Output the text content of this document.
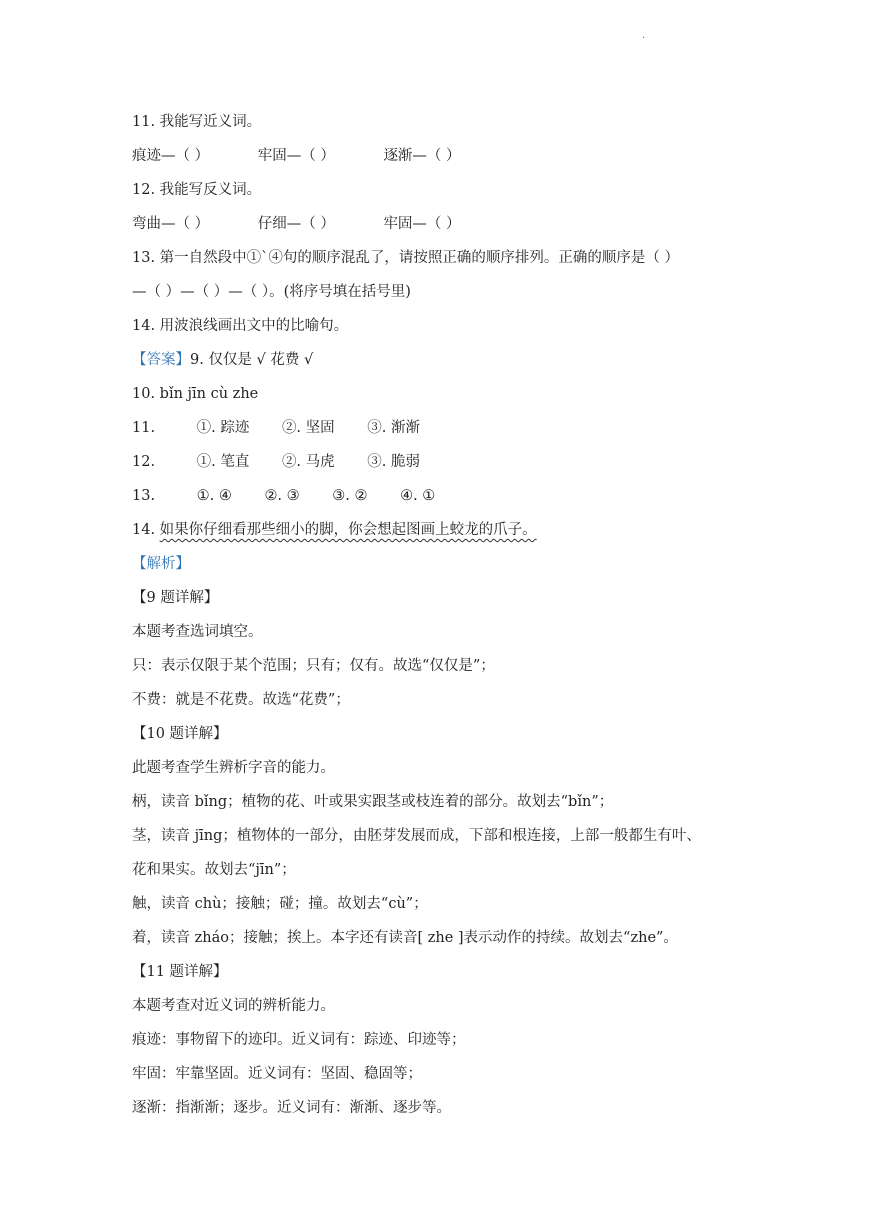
.
11. 我能写近义词。
痕迹—（ ）	牢固—（ ）	逐渐—（ ）
12. 我能写反义词。
弯曲—（ ）	仔细—（ ）	牢固—（ ）
13. 第一自然段中①`④句的顺序混乱了，请按照正确的顺序排列。正确的顺序是（ ）
—（ ）—（ ）—（ ）。(将序号填在括号里)
14. 用波浪线画出文中的比喻句。
【答案】9. 仅仅是 √ 花费 √
10. bǐn jīn cù zhe
11.	①. 踪迹 ②. 坚固 ③. 渐渐
12.	①. 笔直 ②. 马虎 ③. 脆弱
13.	①. ④ ②. ③ ③. ② ④. ①
14. 如果你仔细看那些细小的脚，你会想起图画上蛟龙的爪子。
【解析】
【9 题详解】
本题考查选词填空。
只：表示仅限于某个范围；只有；仅有。故选“仅仅是”；
不费：就是不花费。故选“花费”；
【10 题详解】
此题考查学生辨析字音的能力。
柄，读音 bǐng；植物的花、叶或果实跟茎或枝连着的部分。故划去“bǐn”；
茎，读音 jīng；植物体的一部分，由胚芽发展而成，下部和根连接，上部一般都生有叶、
花和果实。故划去“jīn”；
触，读音 chù；接触；碰；撞。故划去“cù”；
着，读音 zháo；接触；挨上。本字还有读音[ zhe ]表示动作的持续。故划去“zhe”。
【11 题详解】
本题考查对近义词的辨析能力。
痕迹：事物留下的迹印。近义词有：踪迹、印迹等；
牢固：牢靠坚固。近义词有：坚固、稳固等；
逐渐：指渐渐；逐步。近义词有：渐渐、逐步等。
